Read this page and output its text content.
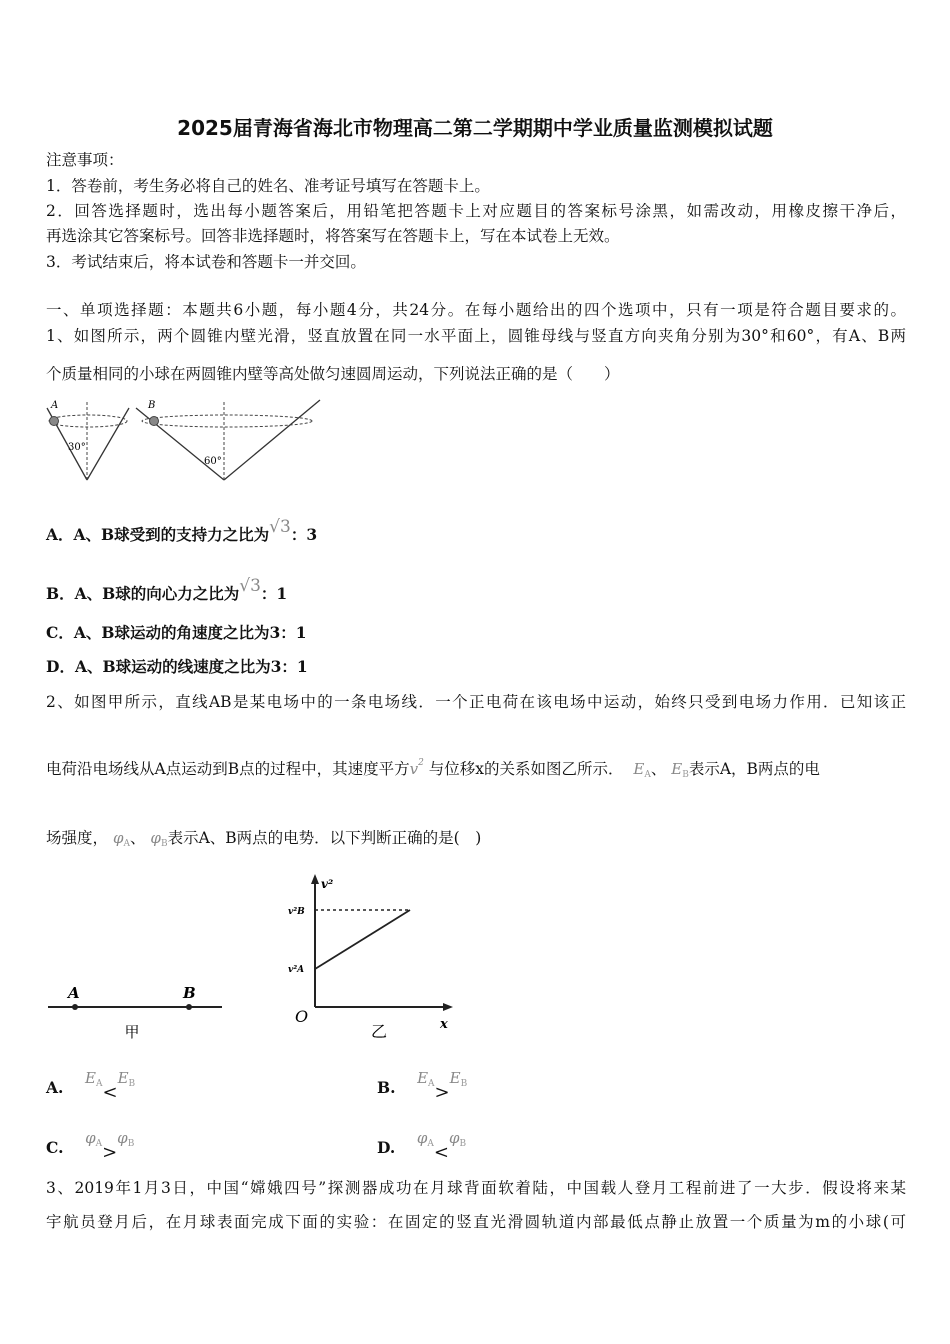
2025届青海省海北市物理高二第二学期期中学业质量监测模拟试题
注意事项：
1．答卷前，考生务必将自己的姓名、准考证号填写在答题卡上。
2．回答选择题时，选出每小题答案后，用铅笔把答题卡上对应题目的答案标号涂黑，如需改动，用橡皮擦干净后，
再选涂其它答案标号。回答非选择题时，将答案写在答题卡上，写在本试卷上无效。
3．考试结束后，将本试卷和答题卡一并交回。
一、单项选择题：本题共6小题，每小题4分，共24分。在每小题给出的四个选项中，只有一项是符合题目要求的。
1、如图所示，两个圆锥内壁光滑，竖直放置在同一水平面上，圆锥母线与竖直方向夹角分别为30°和60°，有A、B两
个质量相同的小球在两圆锥内壁等高处做匀速圆周运动，下列说法正确的是（　　）
A
30°
B
60°
A．A、B球受到的支持力之比为√3：3
B．A、B球的向心力之比为√3：1
C．A、B球运动的角速度之比为3：1
D．A、B球运动的线速度之比为3：1
2、如图甲所示，直线AB是某电场中的一条电场线．一个正电荷在该电场中运动，始终只受到电场力作用．已知该正
电荷沿电场线从A点运动到B点的过程中，其速度平方$v^2$ 与位移x的关系如图乙所示． $E_A$、 $E_B$表示A，B两点的电
场强度， $\varphi_A$、 $\varphi_B$表示A、B两点的电势．以下判断正确的是(　)
A	B
甲
v²
v²B
v²A
O	x
乙
A. $E_A<E_B$	B. $E_A>E_B$
C. $\varphi_A>\varphi_B$	D. $\varphi_A<\varphi_B$
3、2019年1月3日，中国“嫦娥四号”探测器成功在月球背面软着陆，中国载人登月工程前进了一大步．假设将来某
宇航员登月后，在月球表面完成下面的实验：在固定的竖直光滑圆轨道内部最低点静止放置一个质量为m的小球(可
